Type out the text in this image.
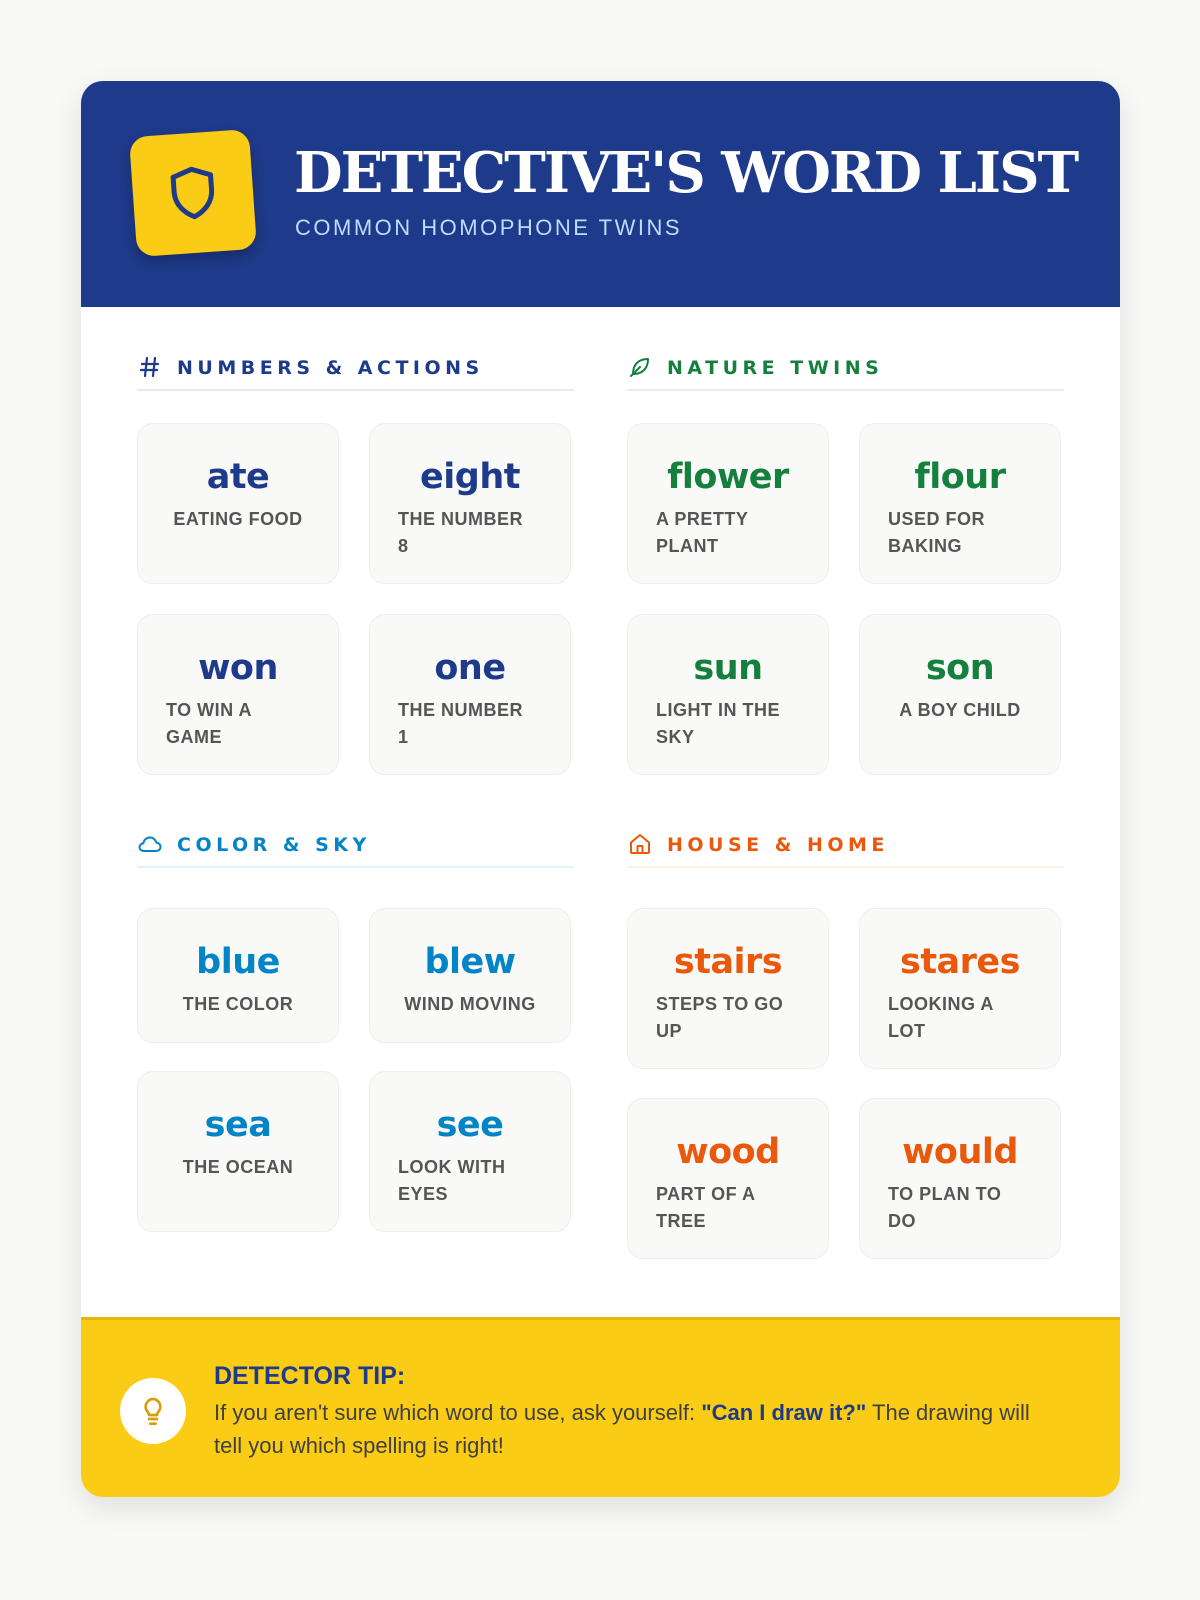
DETECTIVE'S WORD LIST
COMMON HOMOPHONE TWINS
NUMBERS & ACTIONS
ate
EATING FOOD
eight
THE NUMBER 8
won
TO WIN A GAME
one
THE NUMBER 1
NATURE TWINS
flower
A PRETTY PLANT
flour
USED FOR BAKING
sun
LIGHT IN THE SKY
son
A BOY CHILD
COLOR & SKY
blue
THE COLOR
blew
WIND MOVING
sea
THE OCEAN
see
LOOK WITH EYES
HOUSE & HOME
stairs
STEPS TO GO UP
stares
LOOKING A LOT
wood
PART OF A TREE
would
TO PLAN TO DO
DETECTOR TIP:
If you aren't sure which word to use, ask yourself: "Can I draw it?" The drawing will tell you which spelling is right!
